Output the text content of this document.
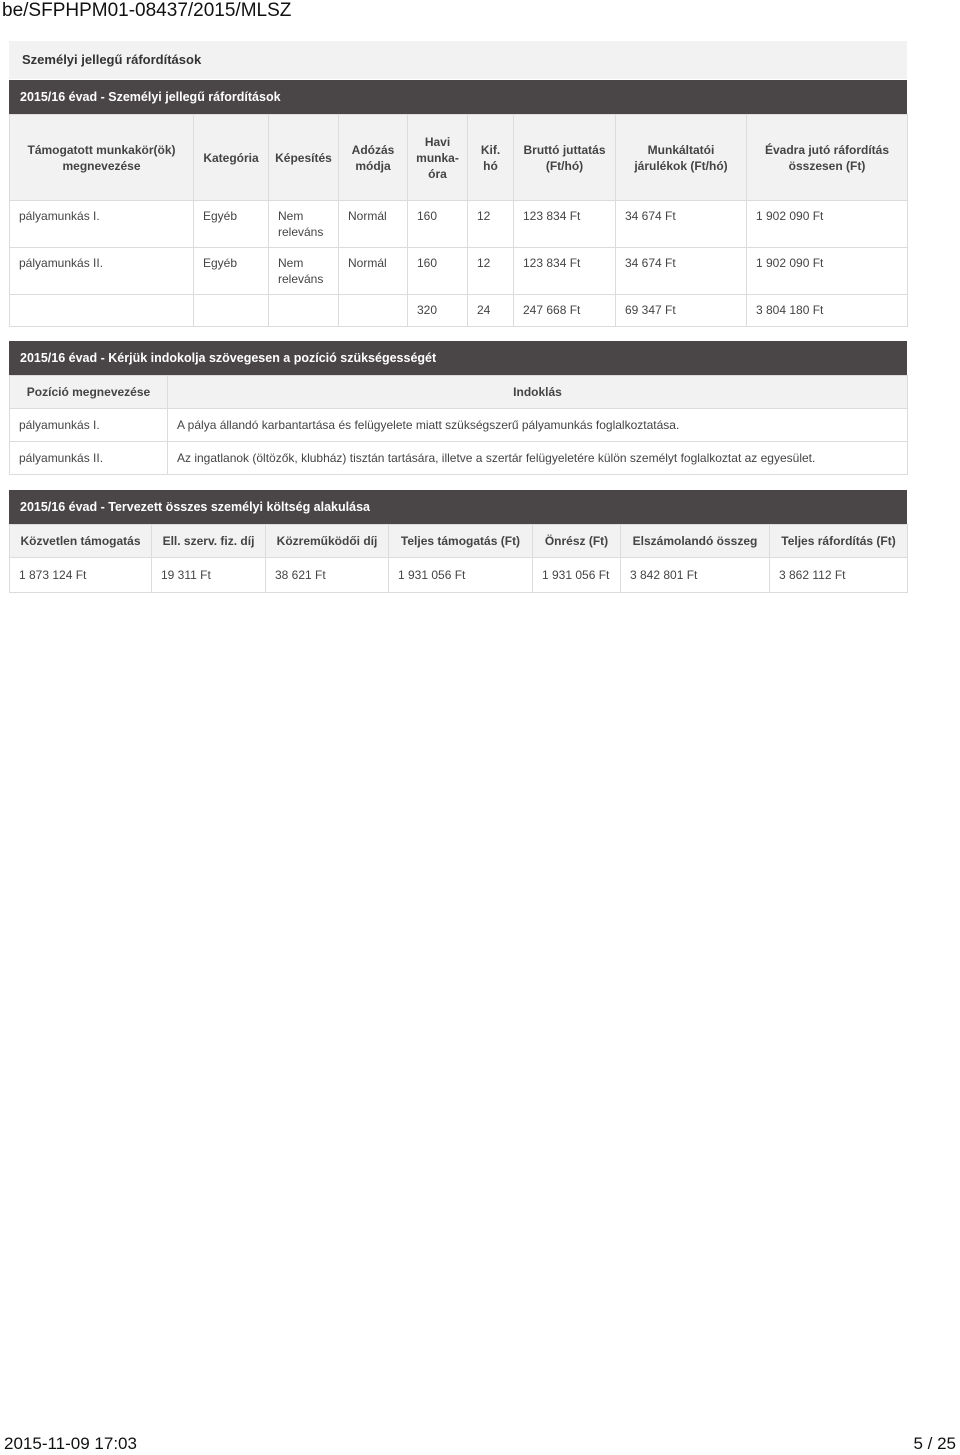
be/SFPHPM01-08437/2015/MLSZ
Személyi jellegű ráfordítások
2015/16 évad - Személyi jellegű ráfordítások
Támogatott munkakör(ök) megnevezése	Kategória	Képesítés	Adózás módja	Havi munka-óra	Kif. hó	Bruttó juttatás (Ft/hó)	Munkáltatói járulékok (Ft/hó)	Évadra jutó ráfordítás összesen (Ft)
pályamunkás I.	Egyéb	Nem releváns	Normál	160	12	123 834 Ft	34 674 Ft	1 902 090 Ft
pályamunkás II.	Egyéb	Nem releváns	Normál	160	12	123 834 Ft	34 674 Ft	1 902 090 Ft
				320	24	247 668 Ft	69 347 Ft	3 804 180 Ft
2015/16 évad - Kérjük indokolja szövegesen a pozíció szükségességét
Pozíció megnevezése	Indoklás
pályamunkás I.	A pálya állandó karbantartása és felügyelete miatt szükségszerű pályamunkás foglalkoztatása.
pályamunkás II.	Az ingatlanok (öltözők, klubház) tisztán tartására, illetve a szertár felügyeletére külön személyt foglalkoztat az egyesület.
2015/16 évad - Tervezett összes személyi költség alakulása
Közvetlen támogatás	Ell. szerv. fiz. díj	Közreműködői díj	Teljes támogatás (Ft)	Önrész (Ft)	Elszámolandó összeg	Teljes ráfordítás (Ft)
1 873 124 Ft	19 311 Ft	38 621 Ft	1 931 056 Ft	1 931 056 Ft	3 842 801 Ft	3 862 112 Ft
2015-11-09 17:03	5 / 25
